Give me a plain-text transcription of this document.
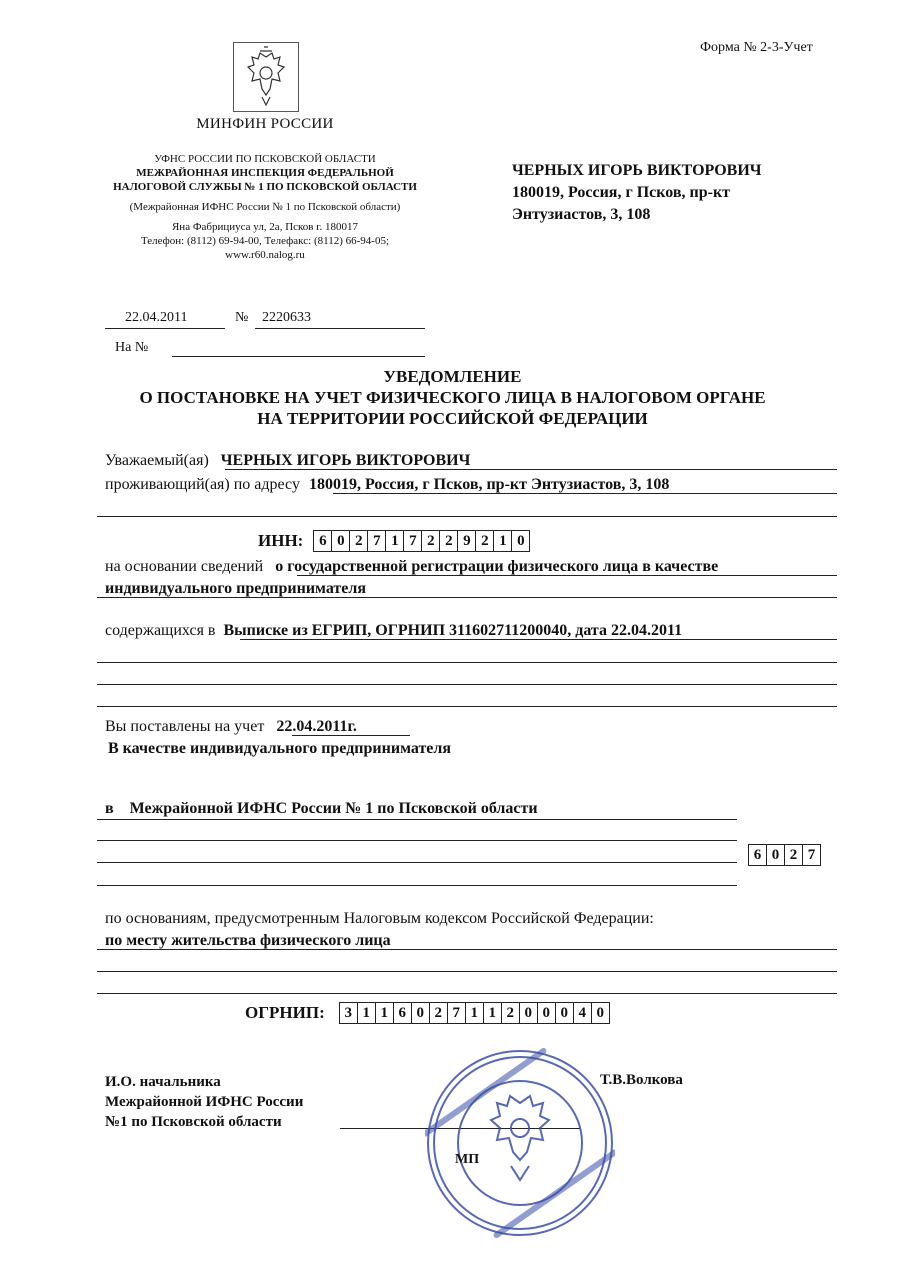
Форма № 2-3-Учет
МИНФИН РОССИИ
УФНС РОССИИ ПО ПСКОВСКОЙ ОБЛАСТИ
МЕЖРАЙОННАЯ ИНСПЕКЦИЯ ФЕДЕРАЛЬНОЙ НАЛОГОВОЙ СЛУЖБЫ № 1 ПО ПСКОВСКОЙ ОБЛАСТИ
(Межрайонная ИФНС России № 1 по Псковской области)
Яна Фабрициуса ул, 2а, Псков г. 180017
Телефон: (8112) 69-94-00, Телефакс: (8112) 66-94-05;
www.r60.nalog.ru
ЧЕРНЫХ ИГОРЬ ВИКТОРОВИЧ
180019, Россия, г Псков, пр-кт
Энтузиастов, 3, 108
22.04.2011	№ 2220633
На №
УВЕДОМЛЕНИЕ
О ПОСТАНОВКЕ НА УЧЕТ ФИЗИЧЕСКОГО ЛИЦА В НАЛОГОВОМ ОРГАНЕ
НА ТЕРРИТОРИИ РОССИЙСКОЙ ФЕДЕРАЦИИ
Уважаемый(ая) ЧЕРНЫХ ИГОРЬ ВИКТОРОВИЧ
проживающий(ая) по адресу 180019, Россия, г Псков, пр-кт Энтузиастов, 3, 108
ИНН:	6 0 2 7 1 7 2 2 9 2 1 0
на основании сведений о государственной регистрации физического лица в качестве
индивидуального предпринимателя
содержащихся в Выписке из ЕГРИП, ОГРНИП 311602711200040, дата 22.04.2011
Вы поставлены на учет 22.04.2011г.
В качестве индивидуального предпринимателя
в Межрайонной ИФНС России № 1 по Псковской области
6 0 2 7
по основаниям, предусмотренным Налоговым кодексом Российской Федерации:
по месту жительства физического лица
ОГРНИП:	3 1 1 6 0 2 7 1 1 2 0 0 0 4 0
И.О. начальника
Межрайонной ИФНС России
№1 по Псковской области
Т.В.Волкова
МП
